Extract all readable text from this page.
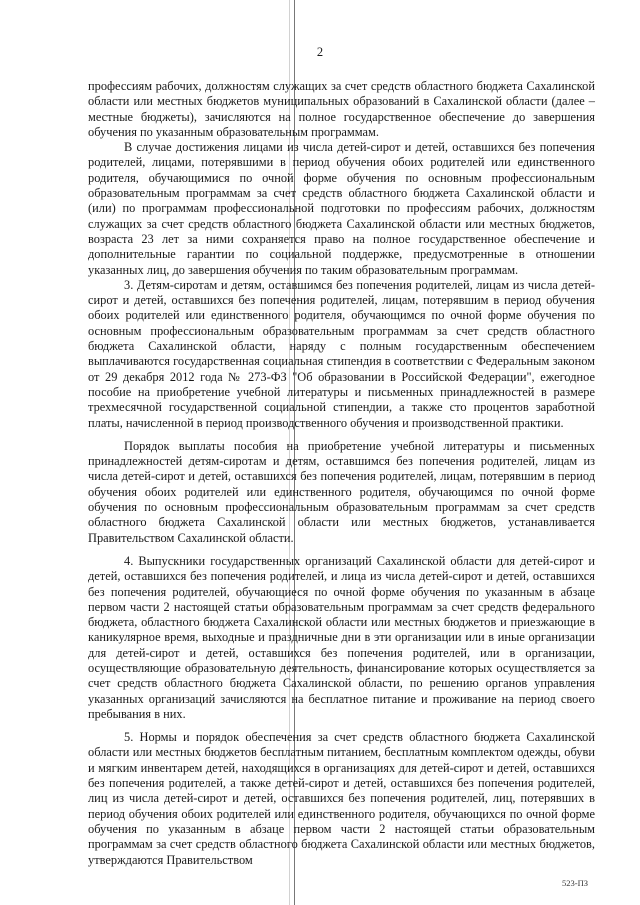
2

профессиям рабочих, должностям служащих за счет средств областного бюджета Сахалинской области или местных бюджетов муниципальных образований в Сахалинской области (далее – местные бюджеты), зачисляются на полное государственное обеспечение до завершения обучения по указанным образовательным программам.

В случае достижения лицами из числа детей-сирот и детей, оставшихся без попечения родителей, лицами, потерявшими в период обучения обоих родителей или единственного родителя, обучающимися по очной форме обучения по основным профессиональным образовательным программам за счет средств областного бюджета Сахалинской области и (или) по программам профессиональной подготовки по профессиям рабочих, должностям служащих за счет средств областного бюджета Сахалинской области или местных бюджетов, возраста 23 лет за ними сохраняется право на полное государственное обеспечение и дополнительные гарантии по социальной поддержке, предусмотренные в отношении указанных лиц, до завершения обучения по таким образовательным программам.

3. Детям-сиротам и детям, оставшимся без попечения родителей, лицам из числа детей-сирот и детей, оставшихся без попечения родителей, лицам, потерявшим в период обучения обоих родителей или единственного родителя, обучающимся по очной форме обучения по основным профессиональным образовательным программам за счет средств областного бюджета Сахалинской области, наряду с полным государственным обеспечением выплачиваются государственная социальная стипендия в соответствии с Федеральным законом от 29 декабря 2012 года № 273-ФЗ "Об образовании в Российской Федерации", ежегодное пособие на приобретение учебной литературы и письменных принадлежностей в размере трехмесячной государственной социальной стипендии, а также сто процентов заработной платы, начисленной в период производственного обучения и производственной практики.

Порядок выплаты пособия на приобретение учебной литературы и письменных принадлежностей детям-сиротам и детям, оставшимся без попечения родителей, лицам из числа детей-сирот и детей, оставшихся без попечения родителей, лицам, потерявшим в период обучения обоих родителей или единственного родителя, обучающимся по очной форме обучения по основным профессиональным образовательным программам за счет средств областного бюджета Сахалинской области или местных бюджетов, устанавливается Правительством Сахалинской области.

4. Выпускники государственных организаций Сахалинской области для детей-сирот и детей, оставшихся без попечения родителей, и лица из числа детей-сирот и детей, оставшихся без попечения родителей, обучающиеся по очной форме обучения по указанным в абзаце первом части 2 настоящей статьи образовательным программам за счет средств федерального бюджета, областного бюджета Сахалинской области или местных бюджетов и приезжающие в каникулярное время, выходные и праздничные дни в эти организации или в иные организации для детей-сирот и детей, оставшихся без попечения родителей, или в организации, осуществляющие образовательную деятельность, финансирование которых осуществляется за счет средств областного бюджета Сахалинской области, по решению органов управления указанных организаций зачисляются на бесплатное питание и проживание на период своего пребывания в них.

5. Нормы и порядок обеспечения за счет средств областного бюджета Сахалинской области или местных бюджетов бесплатным питанием, бесплатным комплектом одежды, обуви и мягким инвентарем детей, находящихся в организациях для детей-сирот и детей, оставшихся без попечения родителей, а также детей-сирот и детей, оставшихся без попечения родителей, лиц из числа детей-сирот и детей, оставшихся без попечения родителей, лиц, потерявших в период обучения обоих родителей или единственного родителя, обучающихся по очной форме обучения по указанным в абзаце первом части 2 настоящей статьи образовательным программам за счет средств областного бюджета Сахалинской области или местных бюджетов, утверждаются Правительством

523-ПЗ
